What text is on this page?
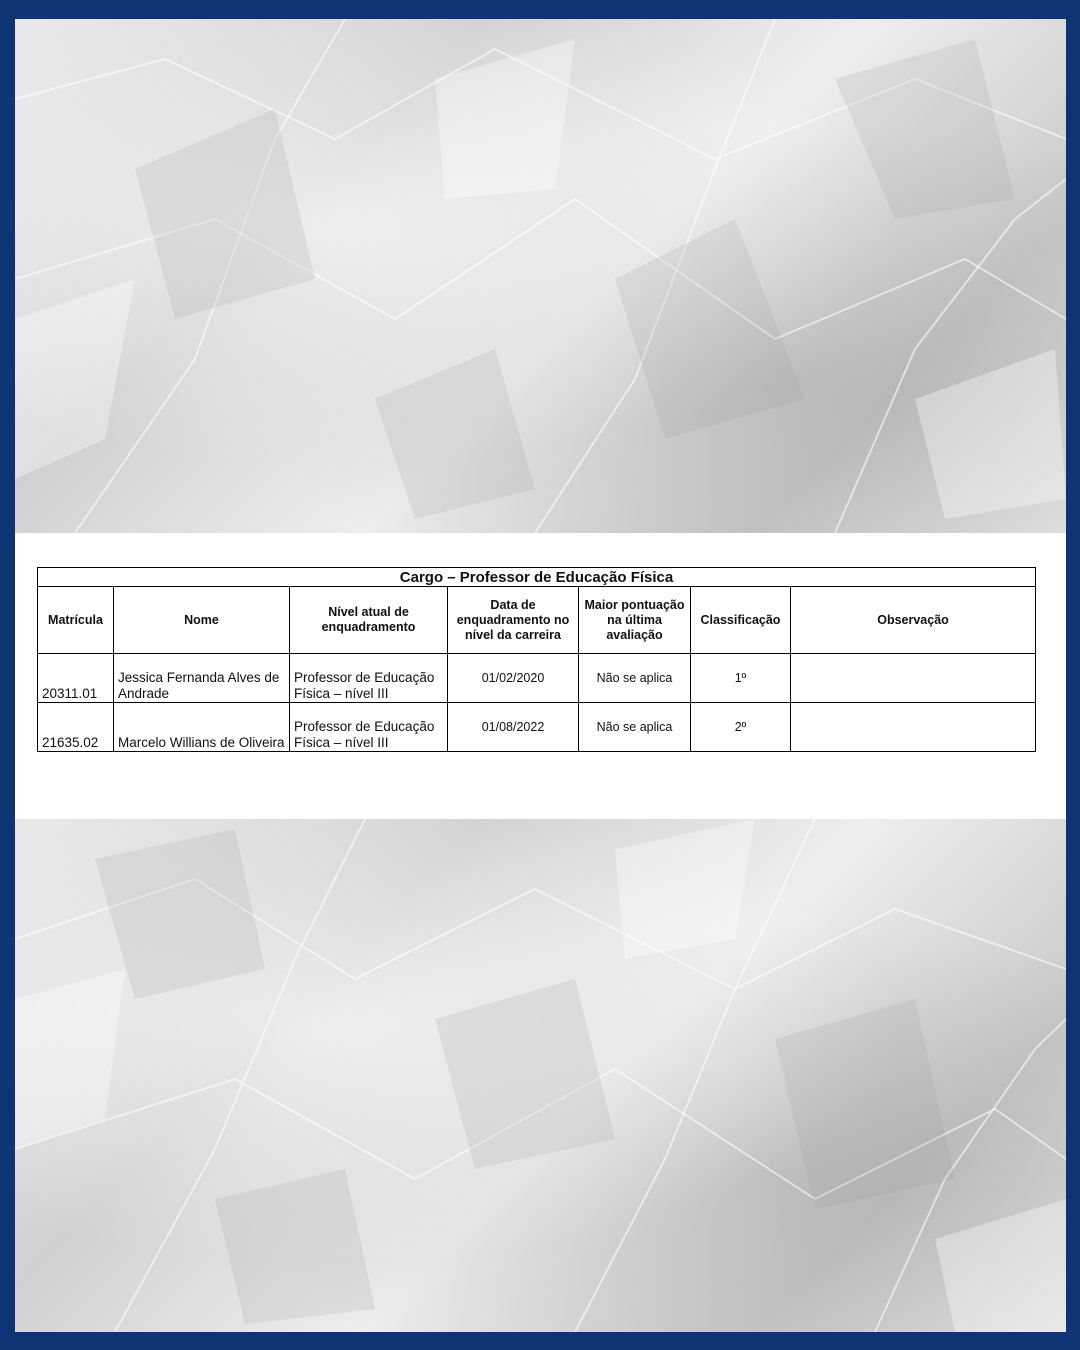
Cargo – Professor de Educação Física						
Matrícula	Nome	Nível atual de enquadramento	Data de enquadramento no nível da carreira	Maior pontuação na última avaliação	Classificação	Observação
20311.01	Jessica Fernanda Alves de Andrade	Professor de Educação Física – nível III	01/02/2020	Não se aplica	1º	
21635.02	Marcelo Willians de Oliveira	Professor de Educação Física – nível III	01/08/2022	Não se aplica	2º	
